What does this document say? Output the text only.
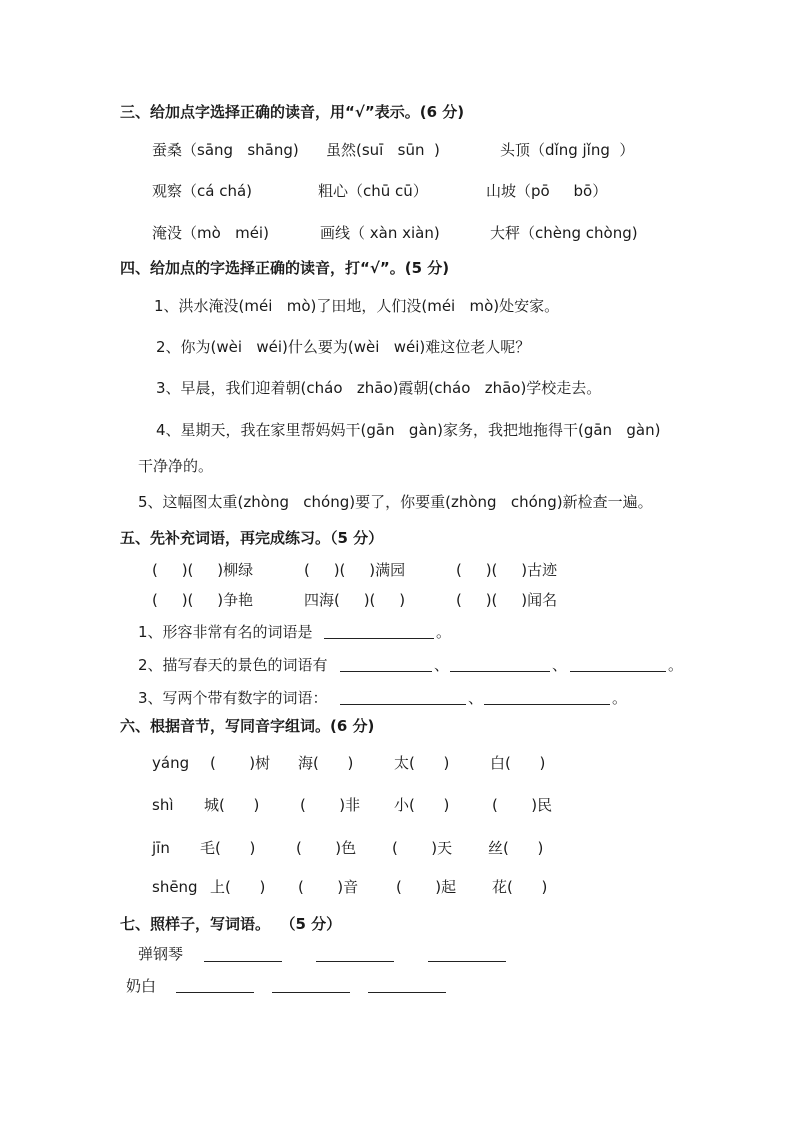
三、给加点字选择正确的读音，用“√”表示。(6 分)
蚕桑（sāng   shāng) 虽然(suī   sūn  )	头顶（dǐng jǐng  ）
观察（cá chá)	粗心（chū cū）	山坡（pō     bō）
淹没（mò   méi)	画线（ xàn xiàn)	大秤（chèng chòng)
四、给加点的字选择正确的读音，打“√”。(5 分)
1、洪水淹没(méi   mò)了田地，人们没(méi   mò)处安家。
2、你为(wèi   wéi)什么要为(wèi   wéi)难这位老人呢？
3、早晨，我们迎着朝(cháo   zhāo)霞朝(cháo   zhāo)学校走去。
4、星期天，我在家里帮妈妈干(gān   gàn)家务，我把地拖得干(gān   gàn)
干净净的。
5、这幅图太重(zhòng   chóng)要了，你要重(zhòng   chóng)新检查一遍。
五、先补充词语，再完成练习。（5 分）
(     )(     )柳绿	(     )(     )满园	(     )(     )古迹
(     )(     )争艳	四海(     )(     )	(     )(     )闻名
1、形容非常有名的词语是	。
2、描写春天的景色的词语有	、	、	。
3、写两个带有数字的词语：	、	。
六、根据音节，写同音字组词。(6 分)
yáng (       )树 海(      )	太(      )	白(      )
shì 城(      )	(       )非 小(      )	(       )民
jīn 毛(      )	(       )色 (       )天 丝(      )
shēng 上(      ) (       )音	(       )起 花(      )
七、照样子，写词语。  （5 分）
弹钢琴
奶白
